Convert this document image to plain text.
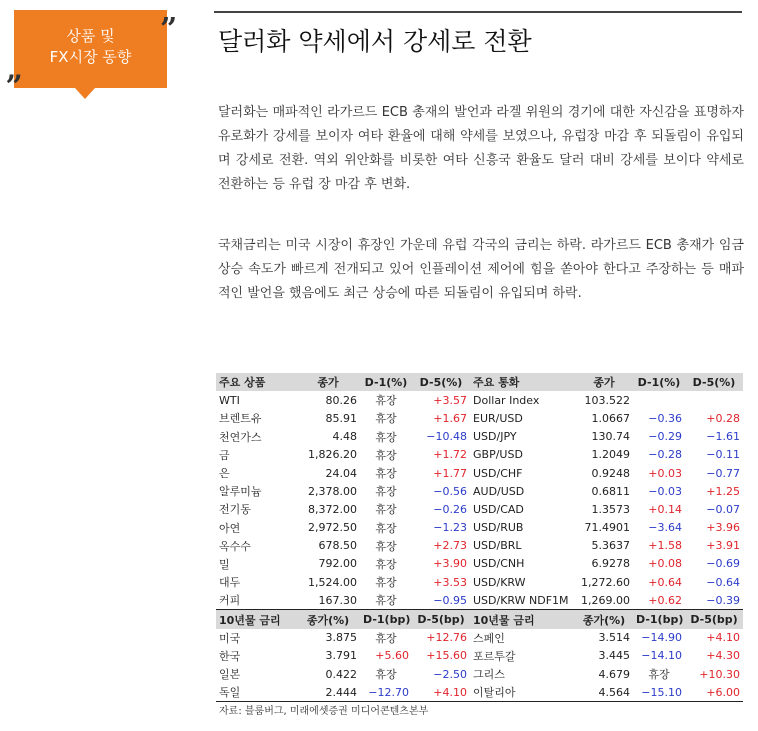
상품 및
FX시장 동향
„
” 달러화 약세에서 강세로 전환
달러화는 매파적인 라가르드 ECB 총재의 발언과 라겔 위원의 경기에 대한 자신감을 표명하자 유로화가 강세를 보이자 여타 환율에 대해 약세를 보였으나, 유럽장 마감 후 되돌림이 유입되며 강세로 전환. 역외 위안화를 비롯한 여타 신흥국 환율도 달러 대비 강세를 보이다 약세로 전환하는 등 유럽 장 마감 후 변화.
국채금리는 미국 시장이 휴장인 가운데 유럽 각국의 금리는 하락. 라가르드 ECB 총재가 임금 상승 속도가 빠르게 전개되고 있어 인플레이션 제어에 힘을 쏟아야 한다고 주장하는 등 매파적인 발언을 했음에도 최근 상승에 따른 되돌림이 유입되며 하락.
주요 상품	종가	D-1(%)	D-5(%)	주요 통화	종가	D-1(%)	D-5(%)
WTI	80.26	휴장	+3.57	Dollar Index	103.522		
브렌트유	85.91	휴장	+1.67	EUR/USD	1.0667	−0.36	+0.28
천연가스	4.48	휴장	−10.48	USD/JPY	130.74	−0.29	−1.61
금	1,826.20	휴장	+1.72	GBP/USD	1.2049	−0.28	−0.11
은	24.04	휴장	+1.77	USD/CHF	0.9248	+0.03	−0.77
알루미늄	2,378.00	휴장	−0.56	AUD/USD	0.6811	−0.03	+1.25
전기동	8,372.00	휴장	−0.26	USD/CAD	1.3573	+0.14	−0.07
아연	2,972.50	휴장	−1.23	USD/RUB	71.4901	−3.64	+3.96
옥수수	678.50	휴장	+2.73	USD/BRL	5.3637	+1.58	+3.91
밀	792.00	휴장	+3.90	USD/CNH	6.9278	+0.08	−0.69
대두	1,524.00	휴장	+3.53	USD/KRW	1,272.60	+0.64	−0.64
커피	167.30	휴장	−0.95	USD/KRW NDF1M	1,269.00	+0.62	−0.39
10년물 금리	종가(%)	D-1(bp)	D-5(bp)	10년물 금리	종가(%)	D-1(bp)	D-5(bp)
미국	3.875	휴장	+12.76	스페인	3.514	−14.90	+4.10
한국	3.791	+5.60	+15.60	포르투갈	3.445	−14.10	+4.30
일본	0.422	휴장	−2.50	그리스	4.679	휴장	+10.30
독일	2.444	−12.70	+4.10	이탈리아	4.564	−15.10	+6.00
자료: 블룸버그, 미래에셋증권 미디어콘텐츠본부
